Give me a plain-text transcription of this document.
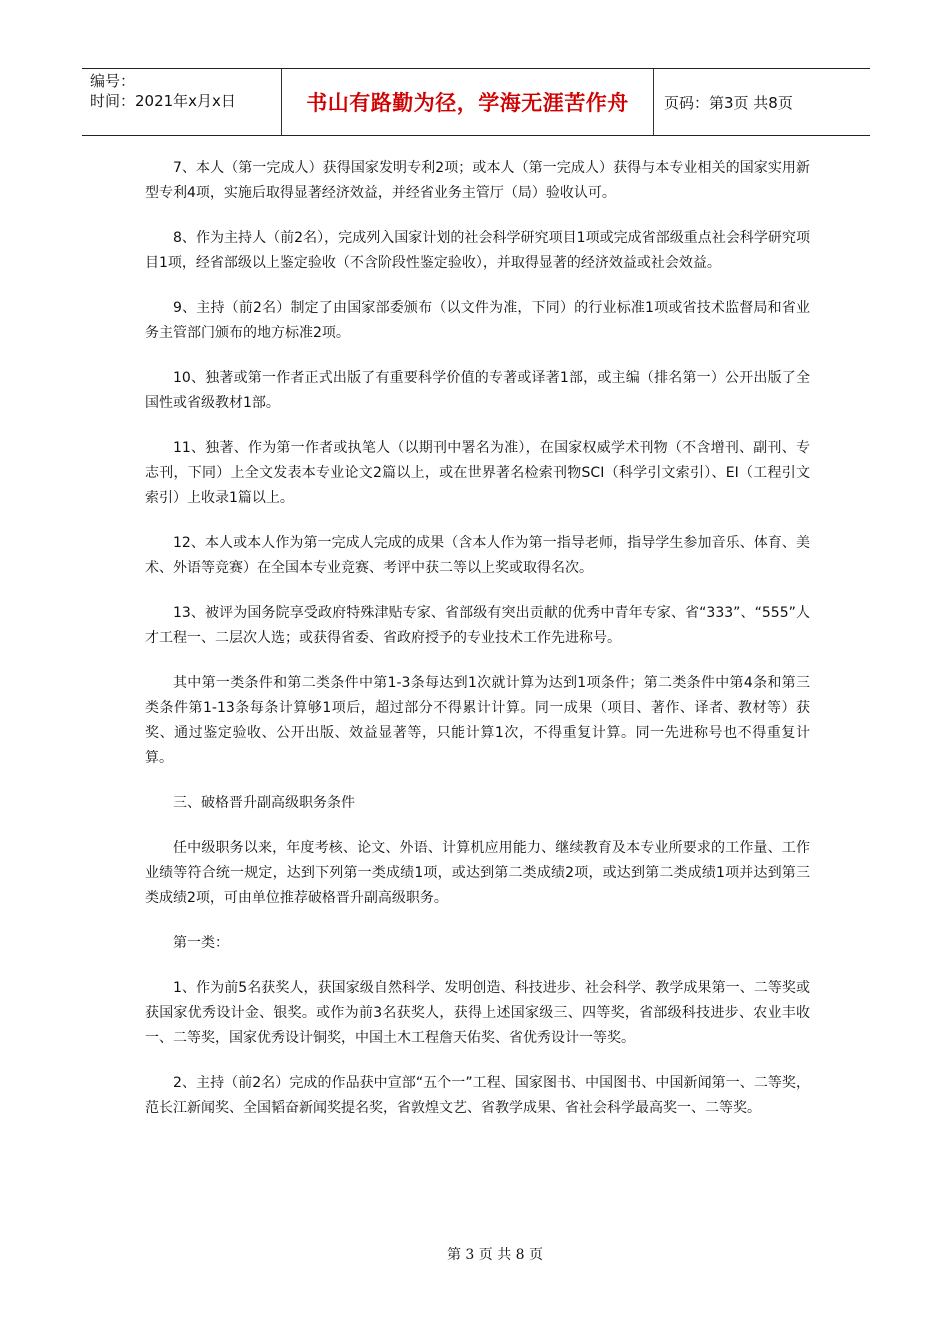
编号：
时间：2021年x月x日	书山有路勤为径，学海无涯苦作舟	页码：第3页 共8页

7、本人（第一完成人）获得国家发明专利2项；或本人（第一完成人）获得与本专业相关的国家实用新型专利4项，实施后取得显著经济效益，并经省业务主管厅（局）验收认可。

8、作为主持人（前2名），完成列入国家计划的社会科学研究项目1项或完成省部级重点社会科学研究项目1项，经省部级以上鉴定验收（不含阶段性鉴定验收），并取得显著的经济效益或社会效益。

9、主持（前2名）制定了由国家部委颁布（以文件为准，下同）的行业标准1项或省技术监督局和省业务主管部门颁布的地方标准2项。

10、独著或第一作者正式出版了有重要科学价值的专著或译著1部，或主编（排名第一）公开出版了全国性或省级教材1部。

11、独著、作为第一作者或执笔人（以期刊中署名为准），在国家权威学术刊物（不含增刊、副刊、专志刊，下同）上全文发表本专业论文2篇以上，或在世界著名检索刊物SCI（科学引文索引）、EI（工程引文索引）上收录1篇以上。

12、本人或本人作为第一完成人完成的成果（含本人作为第一指导老师，指导学生参加音乐、体育、美术、外语等竞赛）在全国本专业竞赛、考评中获二等以上奖或取得名次。

13、被评为国务院享受政府特殊津贴专家、省部级有突出贡献的优秀中青年专家、省“333”、“555”人才工程一、二层次人选；或获得省委、省政府授予的专业技术工作先进称号。

其中第一类条件和第二类条件中第1-3条每达到1次就计算为达到1项条件；第二类条件中第4条和第三类条件第1-13条每条计算够1项后，超过部分不得累计计算。同一成果（项目、著作、译者、教材等）获奖、通过鉴定验收、公开出版、效益显著等，只能计算1次，不得重复计算。同一先进称号也不得重复计算。

三、破格晋升副高级职务条件

任中级职务以来，年度考核、论文、外语、计算机应用能力、继续教育及本专业所要求的工作量、工作业绩等符合统一规定，达到下列第一类成绩1项，或达到第二类成绩2项，或达到第二类成绩1项并达到第三类成绩2项，可由单位推荐破格晋升副高级职务。

第一类：

1、作为前5名获奖人，获国家级自然科学、发明创造、科技进步、社会科学、教学成果第一、二等奖或获国家优秀设计金、银奖。或作为前3名获奖人，获得上述国家级三、四等奖，省部级科技进步、农业丰收一、二等奖，国家优秀设计铜奖，中国土木工程詹天佑奖、省优秀设计一等奖。

2、主持（前2名）完成的作品获中宣部“五个一”工程、国家图书、中国图书、中国新闻第一、二等奖，范长江新闻奖、全国韬奋新闻奖提名奖，省敦煌文艺、省教学成果、省社会科学最高奖一、二等奖。

第 3 页 共 8 页
